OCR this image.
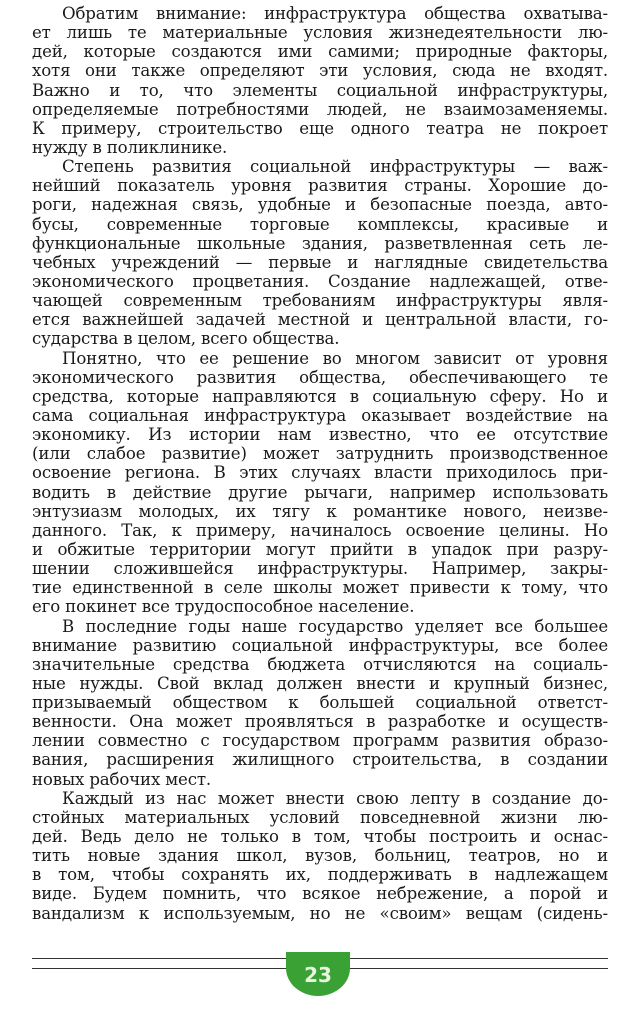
Обратим внимание: инфраструктура общества охватыва-
ет лишь те материальные условия жизнедеятельности лю-
дей, которые создаются ими самими; природные факторы,
хотя они также определяют эти условия, сюда не входят.
Важно и то, что элементы социальной инфраструктуры,
определяемые потребностями людей, не взаимозаменяемы.
К примеру, строительство еще одного театра не покроет
нужду в поликлинике.
Степень развития социальной инфраструктуры — важ-
нейший показатель уровня развития страны. Хорошие до-
роги, надежная связь, удобные и безопасные поезда, авто-
бусы, современные торговые комплексы, красивые и
функциональные школьные здания, разветвленная сеть ле-
чебных учреждений — первые и наглядные свидетельства
экономического процветания. Создание надлежащей, отве-
чающей современным требованиям инфраструктуры явля-
ется важнейшей задачей местной и центральной власти, го-
сударства в целом, всего общества.
Понятно, что ее решение во многом зависит от уровня
экономического развития общества, обеспечивающего те
средства, которые направляются в социальную сферу. Но и
сама социальная инфраструктура оказывает воздействие на
экономику. Из истории нам известно, что ее отсутствие
(или слабое развитие) может затруднить производственное
освоение региона. В этих случаях власти приходилось при-
водить в действие другие рычаги, например использовать
энтузиазм молодых, их тягу к романтике нового, неизве-
данного. Так, к примеру, начиналось освоение целины. Но
и обжитые территории могут прийти в упадок при разру-
шении сложившейся инфраструктуры. Например, закры-
тие единственной в селе школы может привести к тому, что
его покинет все трудоспособное население.
В последние годы наше государство уделяет все большее
внимание развитию социальной инфраструктуры, все более
значительные средства бюджета отчисляются на социаль-
ные нужды. Свой вклад должен внести и крупный бизнес,
призываемый обществом к большей социальной ответст-
венности. Она может проявляться в разработке и осуществ-
лении совместно с государством программ развития образо-
вания, расширения жилищного строительства, в создании
новых рабочих мест.
Каждый из нас может внести свою лепту в создание до-
стойных материальных условий повседневной жизни лю-
дей. Ведь дело не только в том, чтобы построить и оснас-
тить новые здания школ, вузов, больниц, театров, но и
в том, чтобы сохранять их, поддерживать в надлежащем
виде. Будем помнить, что всякое небрежение, а порой и
вандализм к используемым, но не «своим» вещам (сидень-
23
